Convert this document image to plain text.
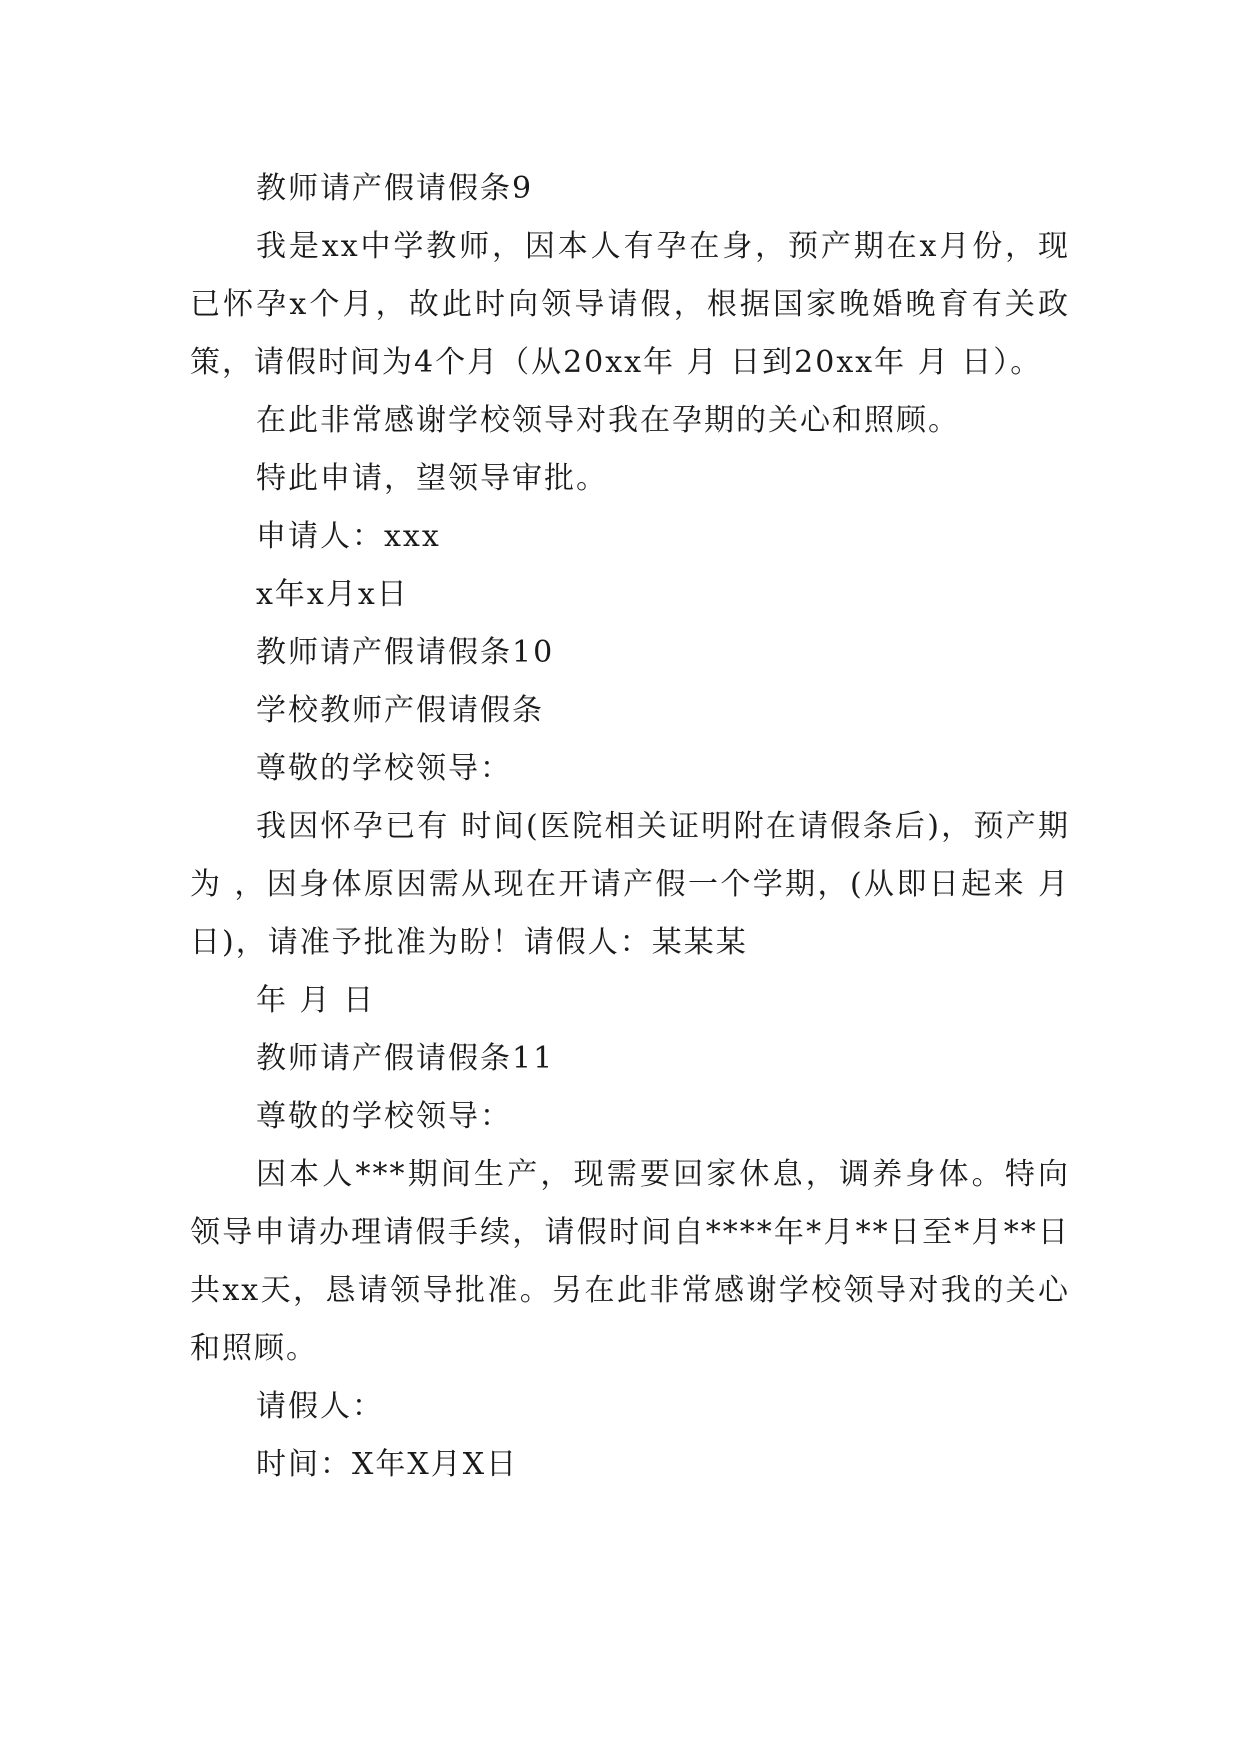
教师请产假请假条9

我是xx中学教师，因本人有孕在身，预产期在x月份，现已怀孕x个月，故此时向领导请假，根据国家晚婚晚育有关政策，请假时间为4个月（从20xx年 月 日到20xx年 月 日）。

在此非常感谢学校领导对我在孕期的关心和照顾。

特此申请，望领导审批。

申请人：xxx

x年x月x日

教师请产假请假条10

学校教师产假请假条

尊敬的学校领导：

我因怀孕已有 时间(医院相关证明附在请假条后)，预产期为 ，因身体原因需从现在开请产假一个学期，(从即日起来 月 日)，请准予批准为盼！请假人：某某某

年 月 日

教师请产假请假条11

尊敬的学校领导：

因本人***期间生产，现需要回家休息，调养身体。特向领导申请办理请假手续，请假时间自****年*月**日至*月**日共xx天，恳请领导批准。另在此非常感谢学校领导对我的关心和照顾。

请假人：

时间：X年X月X日
